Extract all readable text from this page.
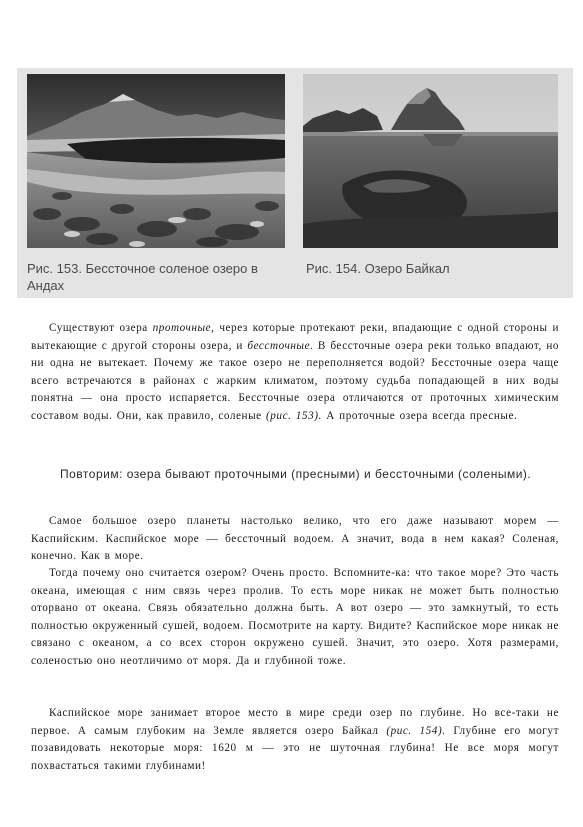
Рис. 153. Бессточное соленое озеро в Андах
Рис. 154. Озеро Байкал

Существуют озера проточные, через которые протекают реки, впадающие с одной стороны и вытекающие с другой стороны озера, и бессточные. В бессточные озера реки только впадают, но ни одна не вытекает. Почему же такое озеро не переполняется водой? Бессточные озера чаще всего встречаются в районах с жарким климатом, поэтому судьба попадающей в них воды понятна — она просто испаряется. Бессточные озера отличаются от проточных химическим составом воды. Они, как правило, соленые (рис. 153). А проточные озера всегда пресные.

Повторим: озера бывают проточными (пресными) и бессточными (солеными).

Самое большое озеро планеты настолько велико, что его даже называют морем — Каспийским. Каспийское море — бессточный водоем. А значит, вода в нем какая? Соленая, конечно. Как в море.

Тогда почему оно считается озером? Очень просто. Вспомните-ка: что такое море? Это часть океана, имеющая с ним связь через пролив. То есть море никак не может быть полностью оторвано от океана. Связь обязательно должна быть. А вот озеро — это замкнутый, то есть полностью окруженный сушей, водоем. Посмотрите на карту. Видите? Каспийское море никак не связано с океаном, а со всех сторон окружено сушей. Значит, это озеро. Хотя размерами, соленостью оно неотличимо от моря. Да и глубиной тоже.

Каспийское море занимает второе место в мире среди озер по глубине. Но все-таки не первое. А самым глубоким на Земле является озеро Байкал (рис. 154). Глубине его могут позавидовать некоторые моря: 1620 м — это не шуточная глубина! Не все моря могут похвастаться такими глубинами!
